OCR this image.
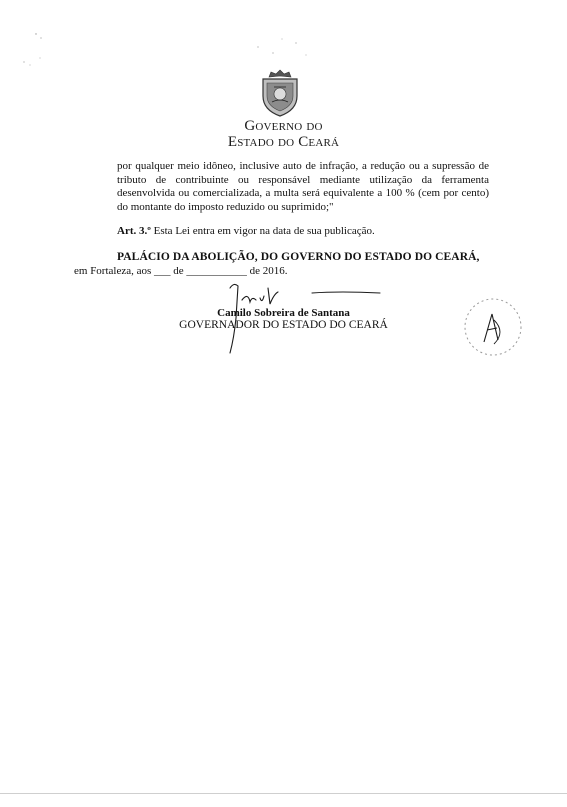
GOVERNO DO
ESTADO DO CEARÁ
por qualquer meio idôneo, inclusive auto de infração, a redução ou a supressão de tributo de contribuinte ou responsável mediante utilização da ferramenta desenvolvida ou comercializada, a multa será equivalente a 100 % (cem por cento) do montante do imposto reduzido ou suprimido;"
Art. 3.º Esta Lei entra em vigor na data de sua publicação.
PALÁCIO DA ABOLIÇÃO, DO GOVERNO DO ESTADO DO CEARÁ,
em Fortaleza, aos ___ de ___________ de 2016.
Camilo Sobreira de Santana
GOVERNADOR DO ESTADO DO CEARÁ
